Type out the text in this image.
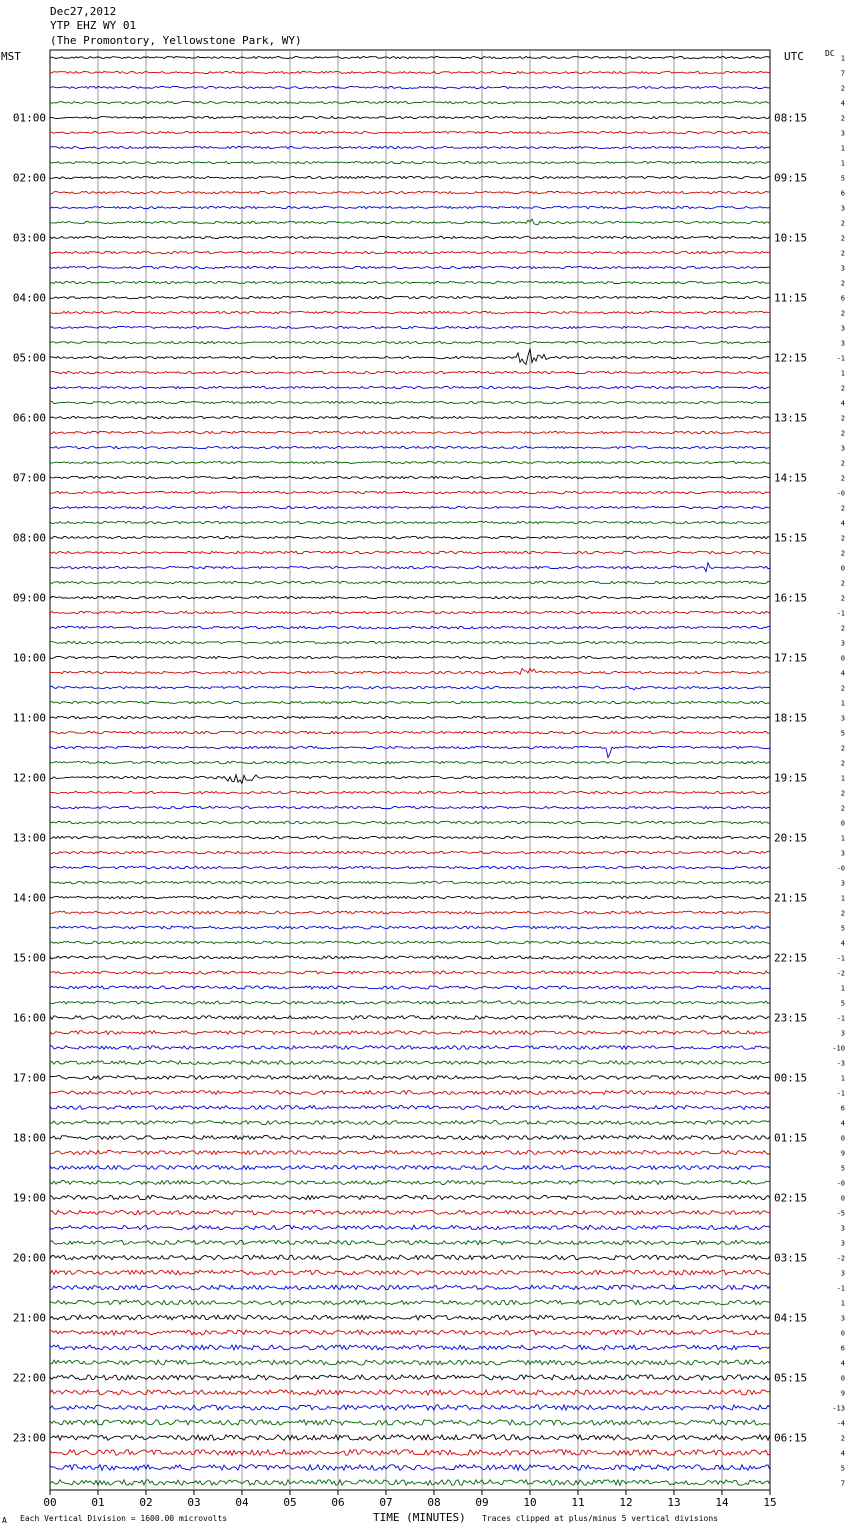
Dec27,2012
YTP EHZ WY 01
(The Promontory, Yellowstone Park, WY)
MST	UTC	DC
01:00
02:00
03:00
04:00
05:00
06:00
07:00
08:00
09:00
10:00
11:00
12:00
13:00
14:00
15:00
16:00
17:00
18:00
19:00
20:00
21:00
22:00
23:00
08:15
09:15
10:15
11:15
12:15
13:15
14:15
15:15
16:15
17:15
18:15
19:15
20:15
21:15
22:15
23:15
00:15
01:15
02:15
03:15
04:15
05:15
06:15
1
7
2
4
2
3
1
1
5
6
3
2
2
2
3
2
6
2
3
3
-1
1
2
4
2
2
3
2
2
-0
2
4
2
2
0
2
2
-1
2
3
0
4
2
1
3
5
2
2
1
2
2
0
1
3
-0
3
1
2
5
4
-1
-2
1
5
-1
3
-10
-3
1
-1
6
4
0
9
5
-0
0
-5
3
3
-2
3
-1
1
3
0
6
4
0
9
-13
-4
2
4
5
7
00	01	02	03	04	05	06	07	08	09	10	11	12	13	14	15
TIME (MINUTES)
A Each Vertical Division = 1600.00 microvolts	Traces clipped at plus/minus 5 vertical divisions
